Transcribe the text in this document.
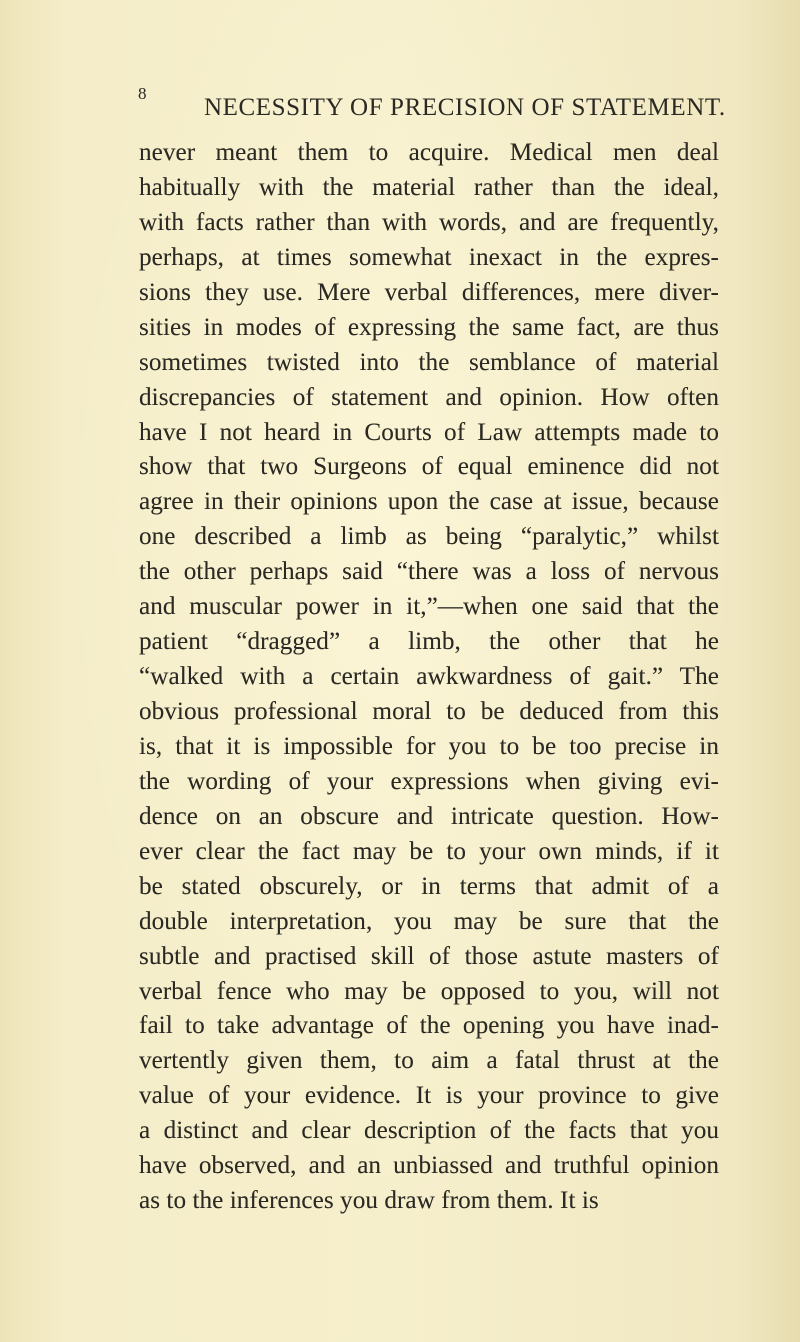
8
NECESSITY OF PRECISION OF STATEMENT.
never meant them to acquire. Medical men deal
habitually with the material rather than the ideal,
with facts rather than with words, and are frequently,
perhaps, at times somewhat inexact in the expres-
sions they use. Mere verbal differences, mere diver-
sities in modes of expressing the same fact, are thus
sometimes twisted into the semblance of material
discrepancies of statement and opinion. How often
have I not heard in Courts of Law attempts made to
show that two Surgeons of equal eminence did not
agree in their opinions upon the case at issue, because
one described a limb as being “paralytic,” whilst
the other perhaps said “there was a loss of nervous
and muscular power in it,”—when one said that the
patient “dragged” a limb, the other that he
“walked with a certain awkwardness of gait.” The
obvious professional moral to be deduced from this
is, that it is impossible for you to be too precise in
the wording of your expressions when giving evi-
dence on an obscure and intricate question. How-
ever clear the fact may be to your own minds, if it
be stated obscurely, or in terms that admit of a
double interpretation, you may be sure that the
subtle and practised skill of those astute masters of
verbal fence who may be opposed to you, will not
fail to take advantage of the opening you have inad-
vertently given them, to aim a fatal thrust at the
value of your evidence. It is your province to give
a distinct and clear description of the facts that you
have observed, and an unbiassed and truthful opinion
as to the inferences you draw from them. It is
